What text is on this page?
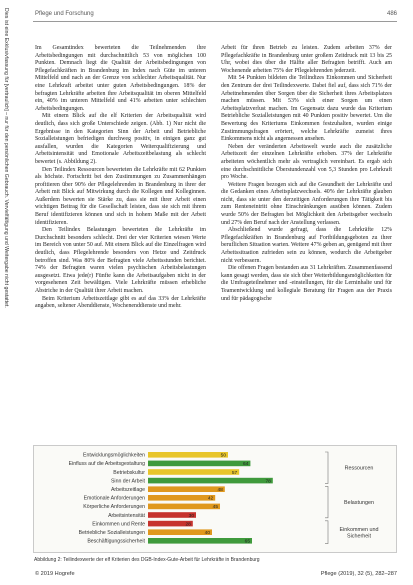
Dies ist eine Exklusivfassung für [vertraulich] – nur für den persönlichen Gebrauch. Vervielfältigung und Weitergabe nicht gestattet.	Pflege und Forschung	486

Im Gesamtindex bewerteten die Teilnehmenden ihre Arbeitsbedingungen mit durchschnittlich 53 von möglichen 100 Punkten. Demnach liegt die Qualität der Arbeitsbedingungen von Pflegefachkräften in Brandenburg im Index nach Güte im unteren Mittelfeld und nach an der Grenze von schlechter Arbeitsqualität. Nur eine Lehrkraft arbeitet unter guten Arbeitsbedingungen. 18% der befragten Lehrkräfte arbeiten ihre Arbeitsqualität im oberen Mittelfeld ein, 40% im unteren Mittelfeld und 41% arbeiten unter schlechten Arbeitsbedingungen.

Mit einem Blick auf die elf Kriterien der Arbeitsqualität wird deutlich, dass sich große Unterschiede zeigen. (Abb. 1) Nur nicht die Ergebnisse in den Kategorien Sinn der Arbeit und Betriebliche Sozialleistungen befriedigen durchweg positiv, in einigen ganz gut ausfallen, wurden die Kategorien Weiterqualifizierung und Arbeitsintensität und Emotionale Arbeitszeitbelastung als schlecht bewertet (s. Abbildung 2).

Den Teilindex Ressourcen bewerteten die Lehrkräfte mit 62 Punkten als höchste. Fortschritt bei den Zustimmungen zu Zusammenhängen profitieren über 90% der Pflegelehrenden in Brandenburg in ihrer der Arbeit mit Blick auf Mitwirkung durch die Kollegen und Kolleginnen. Außerdem bewerten sie Stärke zu, dass sie mit ihrer Arbeit einen wichtigen Beitrag für die Gesellschaft leisten, dass sie sich mit ihrem Beruf identifizieren können und sich in hohem Maße mit der Arbeit identifizieren.

Den Teilindex Belastungen bewerteten die Lehrkräfte im Durchschnitt besonders schlecht. Drei der vier Kriterien wiesen Werte im Bereich von unter 50 auf. Mit einem Blick auf die Einzelfragen wird deutlich, dass Pflegelehrende besonders von Hetze und Zeitdruck betroffen sind. Was 80% der Befragten viele Arbeitsstunden berichtet. 74% der Befragten waren vielen psychischen Arbeitsbelastungen ausgesetzt. Etwa jede(r) Fünfte kann die Arbeitsaufgaben nicht in der vorgesehenen Zeit bewältigen. Viele Lehrkräfte müssen erhebliche Abstriche in der Qualität ihrer Arbeit machen.

Beim Kriterium Arbeitszeitlage gibt es auf das 33% der Lehrkräfte angaben, seltener Abenddienste, Wochenenddienste und mehr.

Arbeit für ihren Betrieb zu leisten. Zudem arbeiten 37% der Pflegefachkräfte in Brandenburg unter großem Zeitdruck mit 13 bis 25 Uhr, wobei dies über die Hälfte aller Befragten betrifft. Auch am Wochenende arbeiten 75% der Pflegelehrenden jederzeit.

Mit 54 Punkten bildeten die Teilindizes Einkommen und Sicherheit den Zentrum der drei Teilindexwerte. Dabei fiel auf, dass sich 71% der Arbeitnehmenden über Sorgen über die Sicherheit ihres Arbeitsplatzes machen müssen. Mit 53% sich einer Sorgen um einen Arbeitsplatzverlust machen. Im Gegensatz dazu wurde das Kriterium Betriebliche Sozialleistungen mit 40 Punkten positiv bewertet. Um die Bewertung des Kriteriums Einkommen festzuhalten, wurden einige Zustimmungsfragen erörtert, welche Lehrkräfte zumeist ihres Einkommens nicht als angemessen ansehen.

Neben der veränderten Arbeitswelt wurde auch die zusätzliche Arbeitszeit der einzelnen Lehrkräfte erhoben. 37% der Lehrkräfte arbeiteten wöchentlich mehr als vertraglich vereinbart. Es ergab sich eine durchschnittliche Überstundenzahl von 5,3 Stunden pro Lehrkraft pro Woche.

Weitere Fragen bezogen sich auf die Gesundheit der Lehrkräfte und die Gedanken eines Arbeitsplatzwechsels. 40% der Lehrkräfte glauben nicht, dass sie unter den derzeitigen Anforderungen ihre Tätigkeit bis zum Renteneintritt ohne Einschränkungen ausüben können. Zudem wurde 50% der Befragten bei Möglichkeit den Arbeitsgeber wechseln und 27% den Beruf nach der Anstellung verlassen.

Abschließend wurde gefragt, dass die Lehrkräfte 12% Pflegefachkräften in Brandenburg auf Fortbildungsgeboten zu ihrer beruflichen Situation warten. Weitere 47% geben an, genügend mit ihrer Arbeitssituation zufrieden sein zu können, wodurch die Arbeitgeber nicht verbessern.

Die offenen Fragen bestanden aus 31 Lehrkräften. Zusammenfassend kann gesagt werden, dass sie sich über Weiterbildungsmöglichkeiten für die Umfrageteilnehmer und -einstellungen, für die Lerninhalte und für Teamentwicklung und kollegiale Beratung für Fragen aus der Praxis und für pädagogische

Entwicklungsmöglichkeiten	50
Einfluss auf die Arbeitsgestaltung	64
Betriebskultur	57
Sinn der Arbeit	78
Arbeitszeitlage	48
Emotionale Anforderungen	42
Körperliche Anforderungen	45
Arbeitsintensität	30
Einkommen und Rente	28
Betriebliche Sozialleistungen	40
Beschäftigungssicherheit	65
Ressourcen
Belastungen
Einkommen und
Sicherheit
Abbildung 2: Teilindexwerte der elf Kriterien des DGB-Index-Gute-Arbeit für Lehrkräfte in Brandenburg
© 2019 Hogrefe	Pflege (2019), 32 (5), 282–287
